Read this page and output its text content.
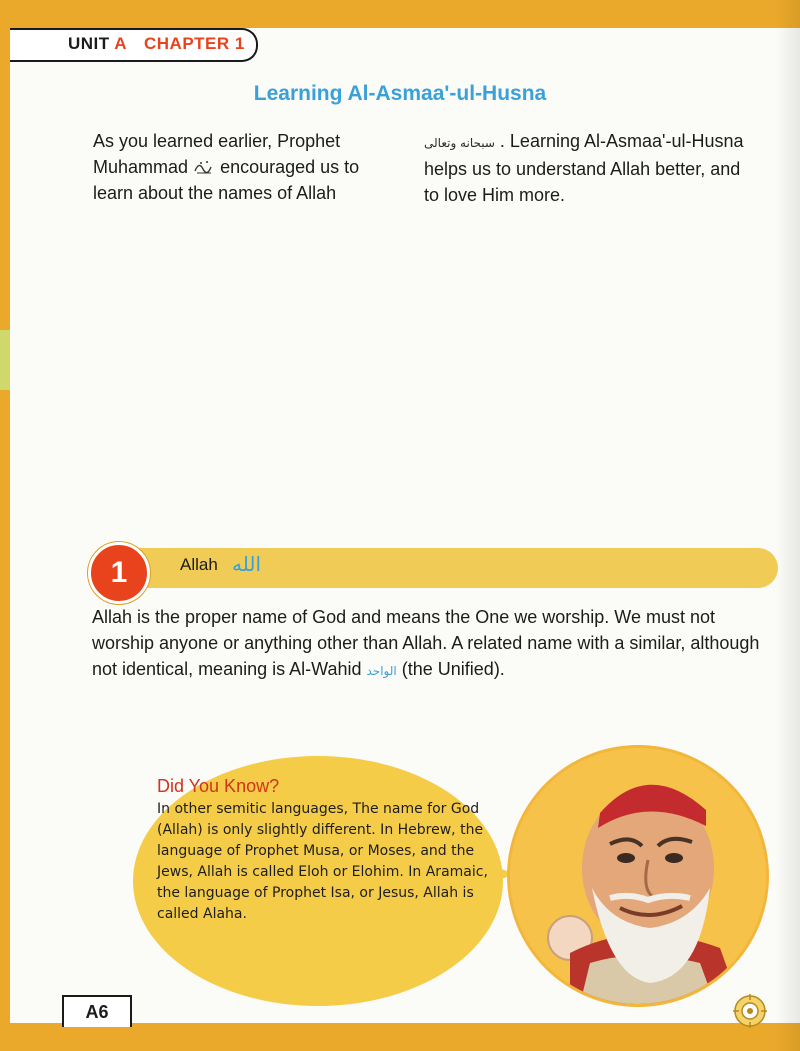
UNIT A CHAPTER 1
Learning Al-Asmaa'-ul-Husna
As you learned earlier, Prophet Muhammad encouraged us to learn about the names of Allah
سبحانه وتعالى . Learning Al-Asmaa'-ul-Husna helps us to understand Allah better, and to love Him more.
1	Allah الله
Allah is the proper name of God and means the One we worship. We must not worship anyone or anything other than Allah. A related name with a similar, although not identical, meaning is Al-Wahid الواحد (the Unified).
Did You Know?
In other semitic languages, The name for God (Allah) is only slightly different. In Hebrew, the language of Prophet Musa, or Moses, and the Jews, Allah is called Eloh or Elohim. In Aramaic, the language of Prophet Isa, or Jesus, Allah is called Alaha.
A6
